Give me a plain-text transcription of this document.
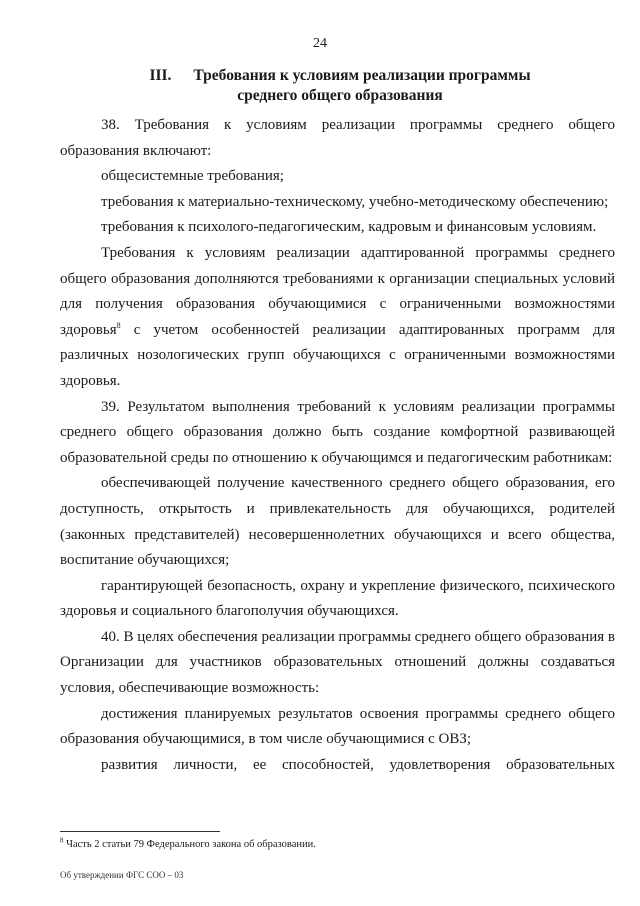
24
III. Требования к условиям реализации программы
среднего общего образования

38. Требования к условиям реализации программы среднего общего образования включают:

общесистемные требования;

требования к материально-техническому, учебно-методическому обеспечению;

требования к психолого-педагогическим, кадровым и финансовым условиям.

Требования к условиям реализации адаптированной программы среднего общего образования дополняются требованиями к организации специальных условий для получения образования обучающимися с ограниченными возможностями здоровья$^8$ с учетом особенностей реализации адаптированных программ для различных нозологических групп обучающихся с ограниченными возможностями здоровья.

39. Результатом выполнения требований к условиям реализации программы среднего общего образования должно быть создание комфортной развивающей образовательной среды по отношению к обучающимся и педагогическим работникам:

обеспечивающей получение качественного среднего общего образования, его доступность, открытость и привлекательность для обучающихся, родителей (законных представителей) несовершеннолетних обучающихся и всего общества, воспитание обучающихся;

гарантирующей безопасность, охрану и укрепление физического, психического здоровья и социального благополучия обучающихся.

40. В целях обеспечения реализации программы среднего общего образования в Организации для участников образовательных отношений должны создаваться условия, обеспечивающие возможность:

достижения планируемых результатов освоения программы среднего общего образования обучающимися, в том числе обучающимися с ОВЗ;

развития личности, ее способностей, удовлетворения образовательных

$^8$ Часть 2 статьи 79 Федерального закона об образовании.
Об утверждении ФГС СОО – 03
